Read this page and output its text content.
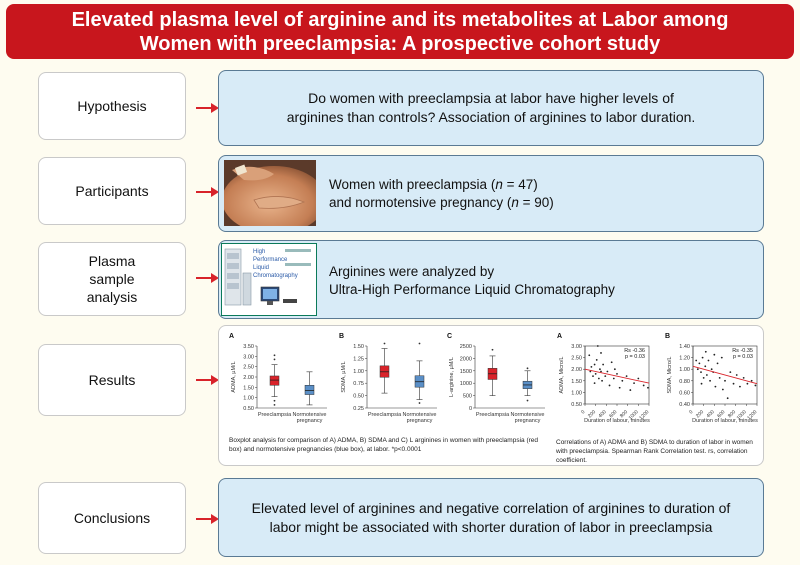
Elevated plasma level of arginine and its metabolites at Labor among
Women with preeclampsia: A prospective cohort study
Hypothesis	Do women with preeclampsia at labor have higher levels of
arginines than controls? Association of arginines to labor duration.
Participants	Women with preeclampsia (n = 47)
and normotensive pregnancy (n = 90)
Plasma
sample
analysis
High
Performance
Liquid
Chromatography Arginines were analyzed by
Ultra-High Performance Liquid Chromatography
Results
A
3.50
3.00
2.50
2.00
1.50
1.00
0.50
ADMA, µM/L
Preeclampsia Normotensive
pregnancy
B
1.50
1.25
1.00
0.75
0.50
0.25
SDMA, µM/L
Preeclampsia Normotensive
pregnancy
C
2500
2000
1500
1000
500
0
L-arginine, µM/L
Preeclampsia Normotensive
pregnancy
A
3.00
2.50
2.00
1.50
1.00
0.50
ADMA, Micro/L
0 200 400 600 800
1000
1200
Duration of labour, minutes
Rs -0.36
p = 0.03
B
1.40
1.20
1.00
0.80
0.60
0.40
SDMA, Micro/L
0 200 400 600 800
1000
1200
Duration of labour, minutes
Rs -0.35
p = 0.03
Boxplot analysis for comparison of A) ADMA, B) SDMA and C) L arginines in women with preeclampsia (red box) and normotensive pregnancies (blue box), at labor. *p<0.0001
Correlations of A) ADMA and B) SDMA to duration of labor in women with preeclampsia. Spearman Rank Correlation test. rs, correlation coefficient.
Conclusions
Elevated level of arginines and negative correlation of arginines to duration of
labor might be associated with shorter duration of labor in preeclampsia
